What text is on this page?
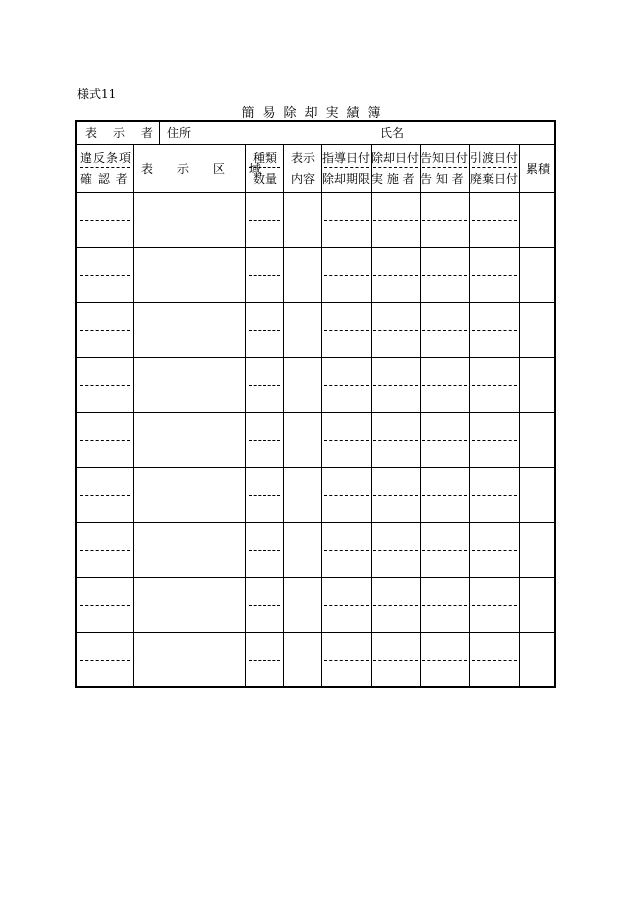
様式11
簡易除却実績簿
表　示　者 住所	氏名
違反条項
確 認 者
表　　示　　区　　域
種類
数量
表示
内容
指導日付
除却期限
除却日付
実 施 者
告知日付
告 知 者
引渡日付
廃棄日付
累積
